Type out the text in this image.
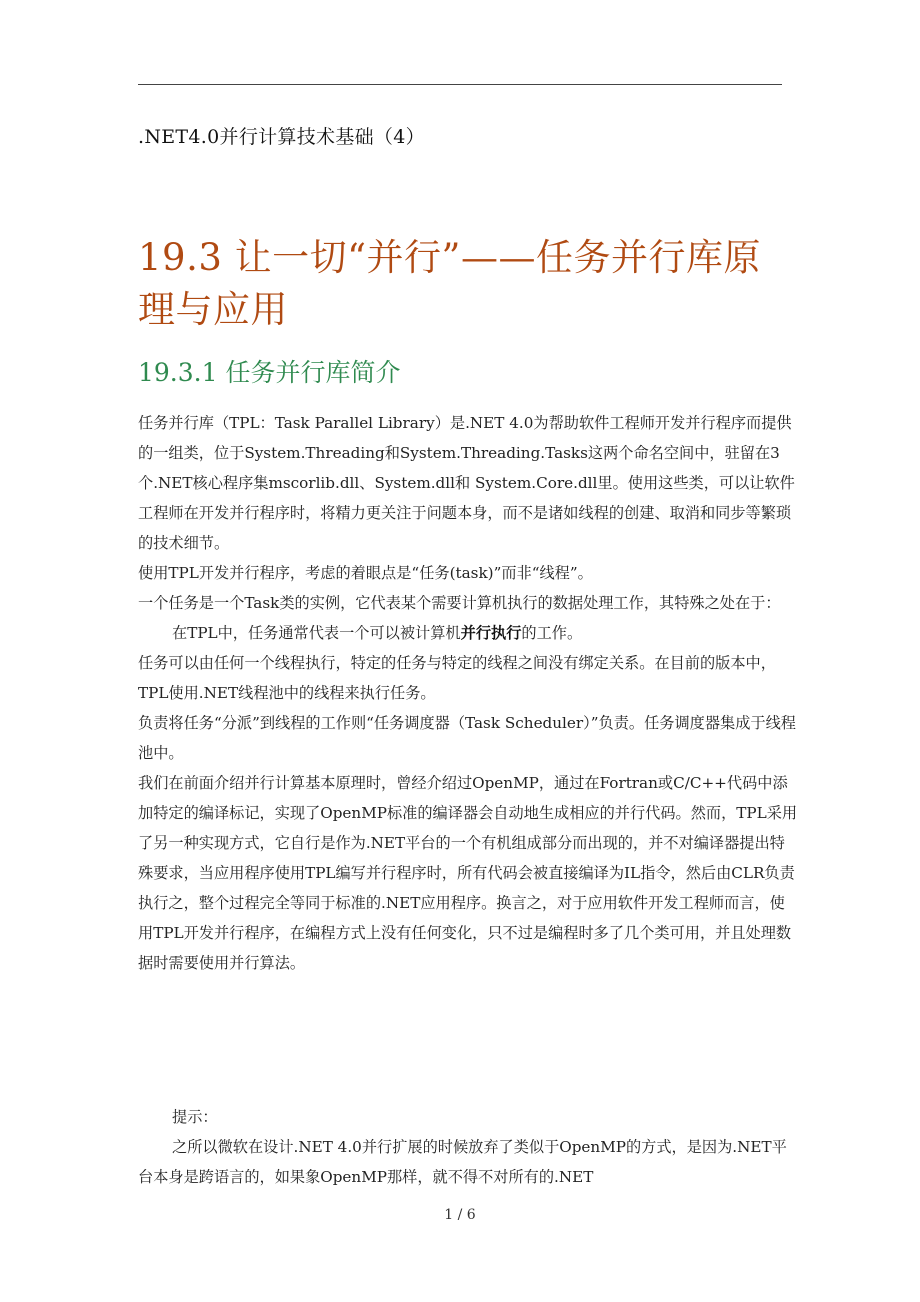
.NET4.0并行计算技术基础（4）
19.3 让一切“并行”——任务并行库原理与应用
19.3.1 任务并行库简介

任务并行库（TPL：Task Parallel Library）是.NET 4.0为帮助软件工程师开发并行程序而提供的一组类，位于System.Threading和System.Threading.Tasks这两个命名空间中，驻留在3个.NET核心程序集mscorlib.dll、System.dll和 System.Core.dll里。使用这些类，可以让软件工程师在开发并行程序时，将精力更关注于问题本身，而不是诸如线程的创建、取消和同步等繁琐的技术细节。

使用TPL开发并行程序，考虑的着眼点是“任务(task)”而非“线程”。

一个任务是一个Task类的实例，它代表某个需要计算机执行的数据处理工作，其特殊之处在于：

在TPL中，任务通常代表一个可以被计算机并行执行的工作。

任务可以由任何一个线程执行，特定的任务与特定的线程之间没有绑定关系。在目前的版本中，TPL使用.NET线程池中的线程来执行任务。

负责将任务“分派”到线程的工作则“任务调度器（Task Scheduler）”负责。任务调度器集成于线程池中。

我们在前面介绍并行计算基本原理时，曾经介绍过OpenMP，通过在Fortran或C/C++代码中添加特定的编译标记，实现了OpenMP标准的编译器会自动地生成相应的并行代码。然而，TPL采用了另一种实现方式，它自行是作为.NET平台的一个有机组成部分而出现的，并不对编译器提出特殊要求，当应用程序使用TPL编写并行程序时，所有代码会被直接编译为IL指令，然后由CLR负责执行之，整个过程完全等同于标准的.NET应用程序。换言之，对于应用软件开发工程师而言，使用TPL开发并行程序，在编程方式上没有任何变化，只不过是编程时多了几个类可用，并且处理数据时需要使用并行算法。

提示：
之所以微软在设计.NET 4.0并行扩展的时候放弃了类似于OpenMP的方式，是因为.NET平台本身是跨语言的，如果象OpenMP那样，就不得不对所有的.NET
1 / 6
